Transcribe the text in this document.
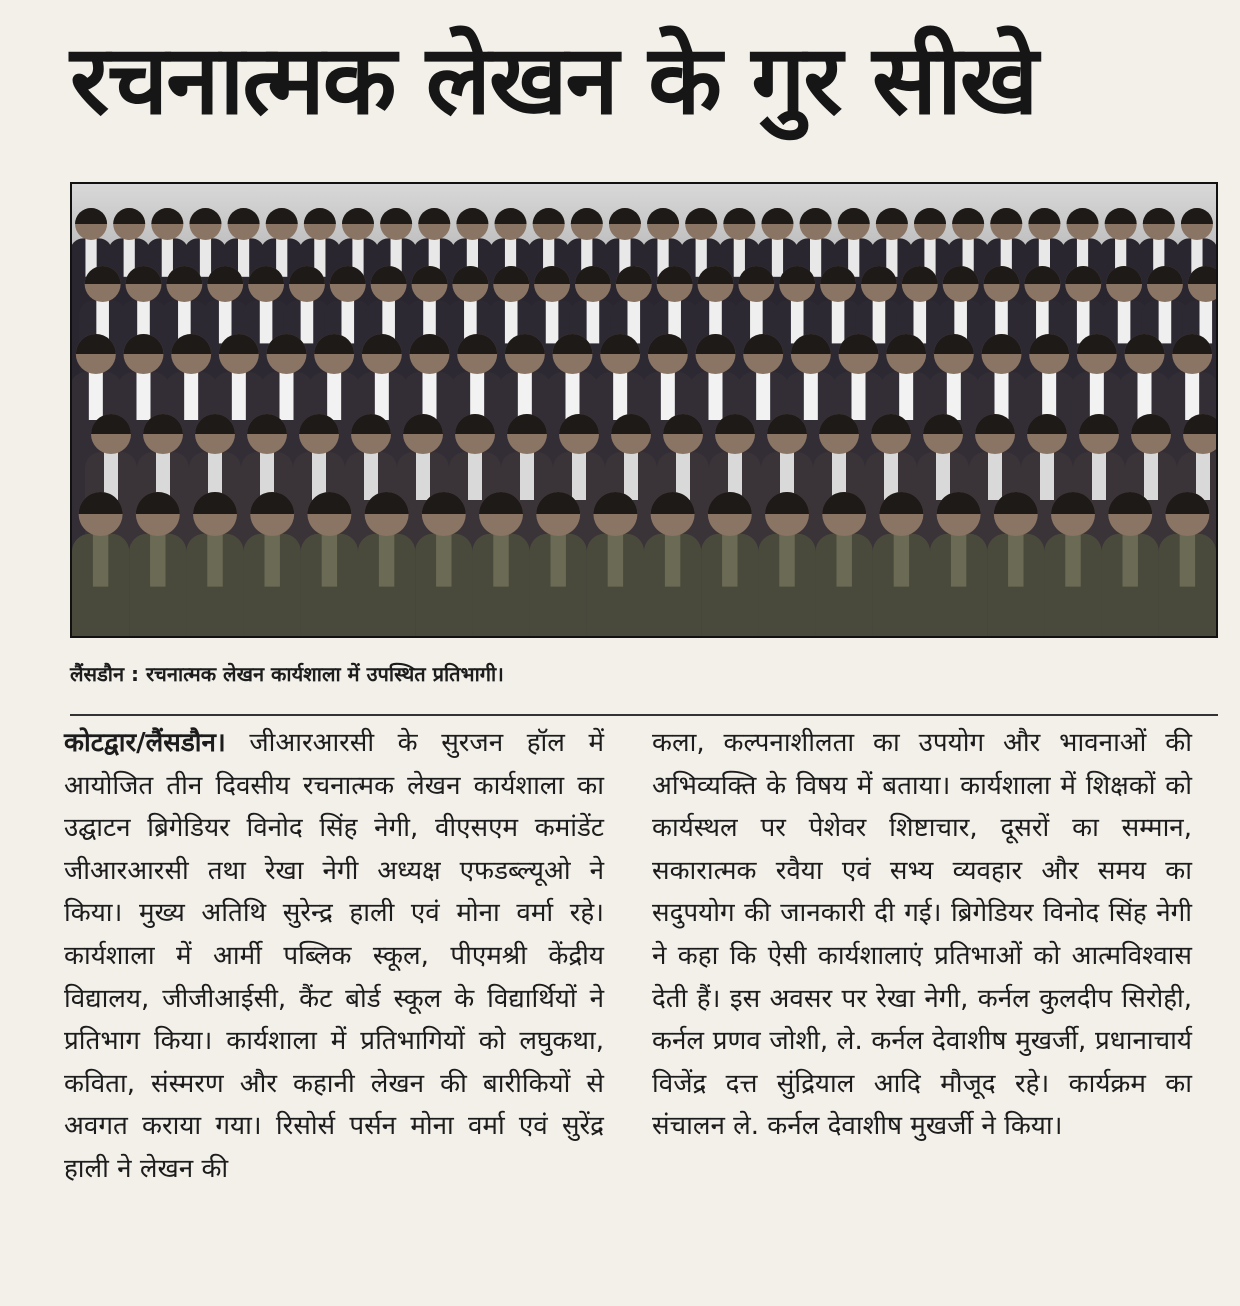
रचनात्मक लेखन के गुर सीखे
लैंसडौन : रचनात्मक लेखन कार्यशाला में उपस्थित प्रतिभागी।
कोटद्वार/लैंसडौन। जीआरआरसी के सुरजन हॉल में आयोजित तीन दिवसीय रचनात्मक लेखन कार्यशाला का उद्घाटन ब्रिगेडियर विनोद सिंह नेगी, वीएसएम कमांडेंट जीआरआरसी तथा रेखा नेगी अध्यक्ष एफडब्ल्यूओ ने किया। मुख्य अतिथि सुरेन्द्र हाली एवं मोना वर्मा रहे। कार्यशाला में आर्मी पब्लिक स्कूल, पीएमश्री केंद्रीय विद्यालय, जीजीआईसी, कैंट बोर्ड स्कूल के विद्यार्थियों ने प्रतिभाग किया। कार्यशाला में प्रतिभागियों को लघुकथा, कविता, संस्मरण और कहानी लेखन की बारीकियों से अवगत कराया गया। रिसोर्स पर्सन मोना वर्मा एवं सुरेंद्र हाली ने लेखन की
कला, कल्पनाशीलता का उपयोग और भावनाओं की अभिव्यक्ति के विषय में बताया। कार्यशाला में शिक्षकों को कार्यस्थल पर पेशेवर शिष्टाचार, दूसरों का सम्मान, सकारात्मक रवैया एवं सभ्य व्यवहार और समय का सदुपयोग की जानकारी दी गई। ब्रिगेडियर विनोद सिंह नेगी ने कहा कि ऐसी कार्यशालाएं प्रतिभाओं को आत्मविश्वास देती हैं। इस अवसर पर रेखा नेगी, कर्नल कुलदीप सिरोही, कर्नल प्रणव जोशी, ले. कर्नल देवाशीष मुखर्जी, प्रधानाचार्य विजेंद्र दत्त सुंद्रियाल आदि मौजूद रहे। कार्यक्रम का संचालन ले. कर्नल देवाशीष मुखर्जी ने किया।
